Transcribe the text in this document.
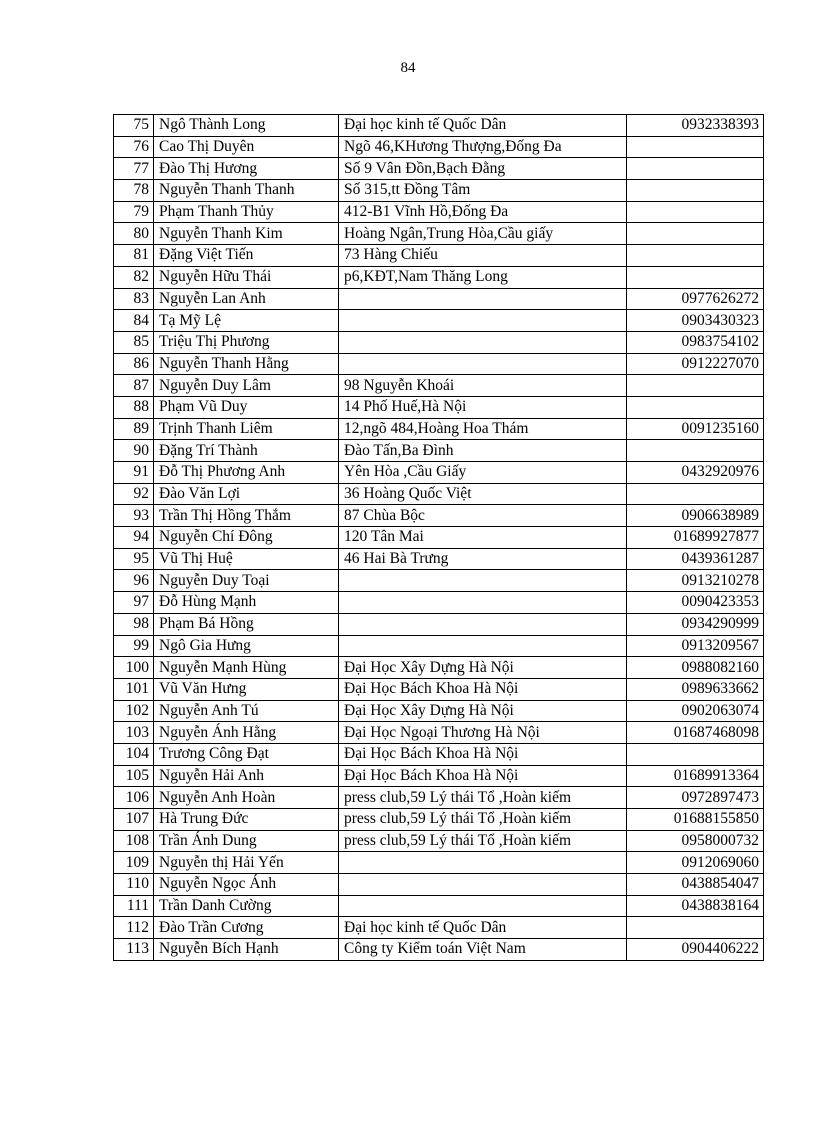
84
75	Ngô Thành Long	Đại học kinh tế Quốc Dân	0932338393
76	Cao Thị Duyên	Ngõ 46,KHương Thượng,Đống Đa	
77	Đào Thị Hương	Số 9 Vân Đồn,Bạch Đằng	
78	Nguyễn Thanh Thanh	Số 315,tt Đồng Tâm	
79	Phạm Thanh Thủy	412-B1 Vĩnh Hồ,Đống Đa	
80	Nguyễn Thanh Kim	Hoàng Ngân,Trung Hòa,Cầu giấy	
81	Đặng Việt Tiến	73 Hàng Chiếu	
82	Nguyễn Hữu Thái	p6,KĐT,Nam Thăng Long	
83	Nguyễn Lan Anh		0977626272
84	Tạ Mỹ Lệ		0903430323
85	Triệu Thị Phương		0983754102
86	Nguyễn Thanh Hằng		0912227070
87	Nguyễn Duy Lâm	98 Nguyễn Khoái	
88	Phạm Vũ Duy	14 Phố Huế,Hà Nội	
89	Trịnh Thanh Liêm	12,ngõ 484,Hoàng Hoa Thám	0091235160
90	Đặng Trí Thành	Đào Tấn,Ba Đình	
91	Đỗ Thị Phương Anh	Yên Hòa ,Cầu Giấy	0432920976
92	Đào Văn Lợi	36 Hoàng Quốc Việt	
93	Trần Thị Hồng Thắm	87 Chùa Bộc	0906638989
94	Nguyễn Chí Đông	120 Tân Mai	01689927877
95	Vũ Thị Huệ	46 Hai Bà Trưng	0439361287
96	Nguyễn Duy Toại		0913210278
97	Đỗ Hùng Mạnh		0090423353
98	Phạm Bá Hồng		0934290999
99	Ngô Gia Hưng		0913209567
100	Nguyễn Mạnh Hùng	Đại Học Xây Dựng Hà Nội	0988082160
101	Vũ Văn Hưng	Đại Học Bách Khoa Hà Nội	0989633662
102	Nguyễn Anh Tú	Đại Học Xây Dựng Hà Nội	0902063074
103	Nguyễn Ánh Hằng	Đại Học Ngoại Thương Hà Nội	01687468098
104	Trương Công Đạt	Đại Học Bách Khoa Hà Nội	
105	Nguyễn Hải Anh	Đại Học Bách Khoa Hà Nội	01689913364
106	Nguyễn Anh Hoàn	press club,59 Lý thái Tổ ,Hoàn kiếm	0972897473
107	Hà Trung Đức	press club,59 Lý thái Tổ ,Hoàn kiếm	01688155850
108	Trần Ánh Dung	press club,59 Lý thái Tổ ,Hoàn kiếm	0958000732
109	Nguyễn thị Hải Yến		0912069060
110	Nguyễn Ngọc Ánh		0438854047
111	Trần Danh Cường		0438838164
112	Đào Trần Cương	Đại học kinh tế Quốc Dân	
113	Nguyễn Bích Hạnh	Công ty Kiểm toán Việt Nam	0904406222
